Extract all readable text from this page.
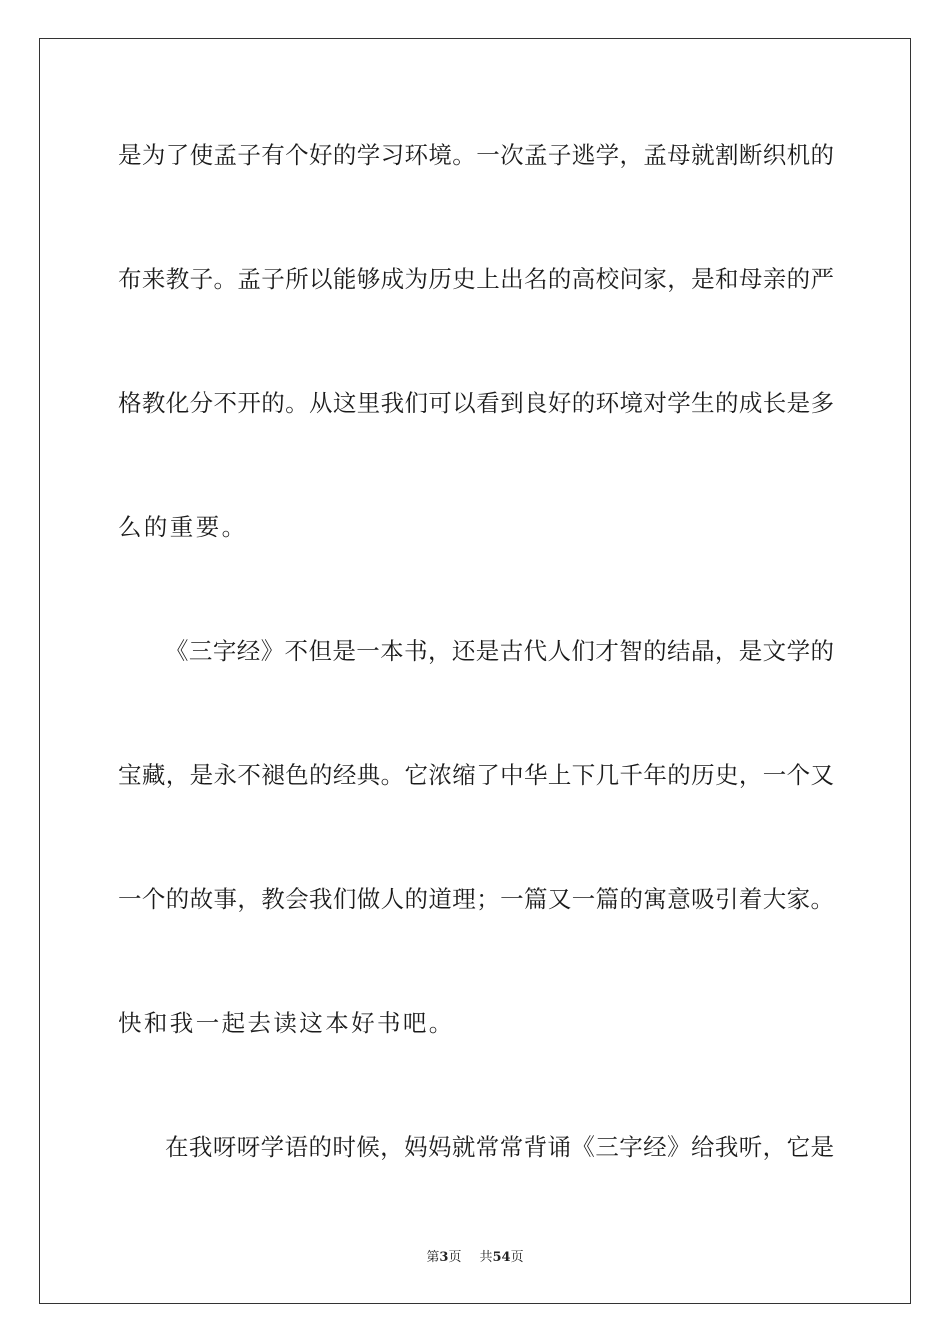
是为了使孟子有个好的学习环境。一次孟子逃学，孟母就割断织机的

布来教子。孟子所以能够成为历史上出名的高校问家，是和母亲的严

格教化分不开的。从这里我们可以看到良好的环境对学生的成长是多

么的重要。

《三字经》不但是一本书，还是古代人们才智的结晶，是文学的

宝藏，是永不褪色的经典。它浓缩了中华上下几千年的历史，一个又

一个的故事，教会我们做人的道理；一篇又一篇的寓意吸引着大家。

快和我一起去读这本好书吧。

在我呀呀学语的时候，妈妈就常常背诵《三字经》给我听，它是

第3页 共54页
